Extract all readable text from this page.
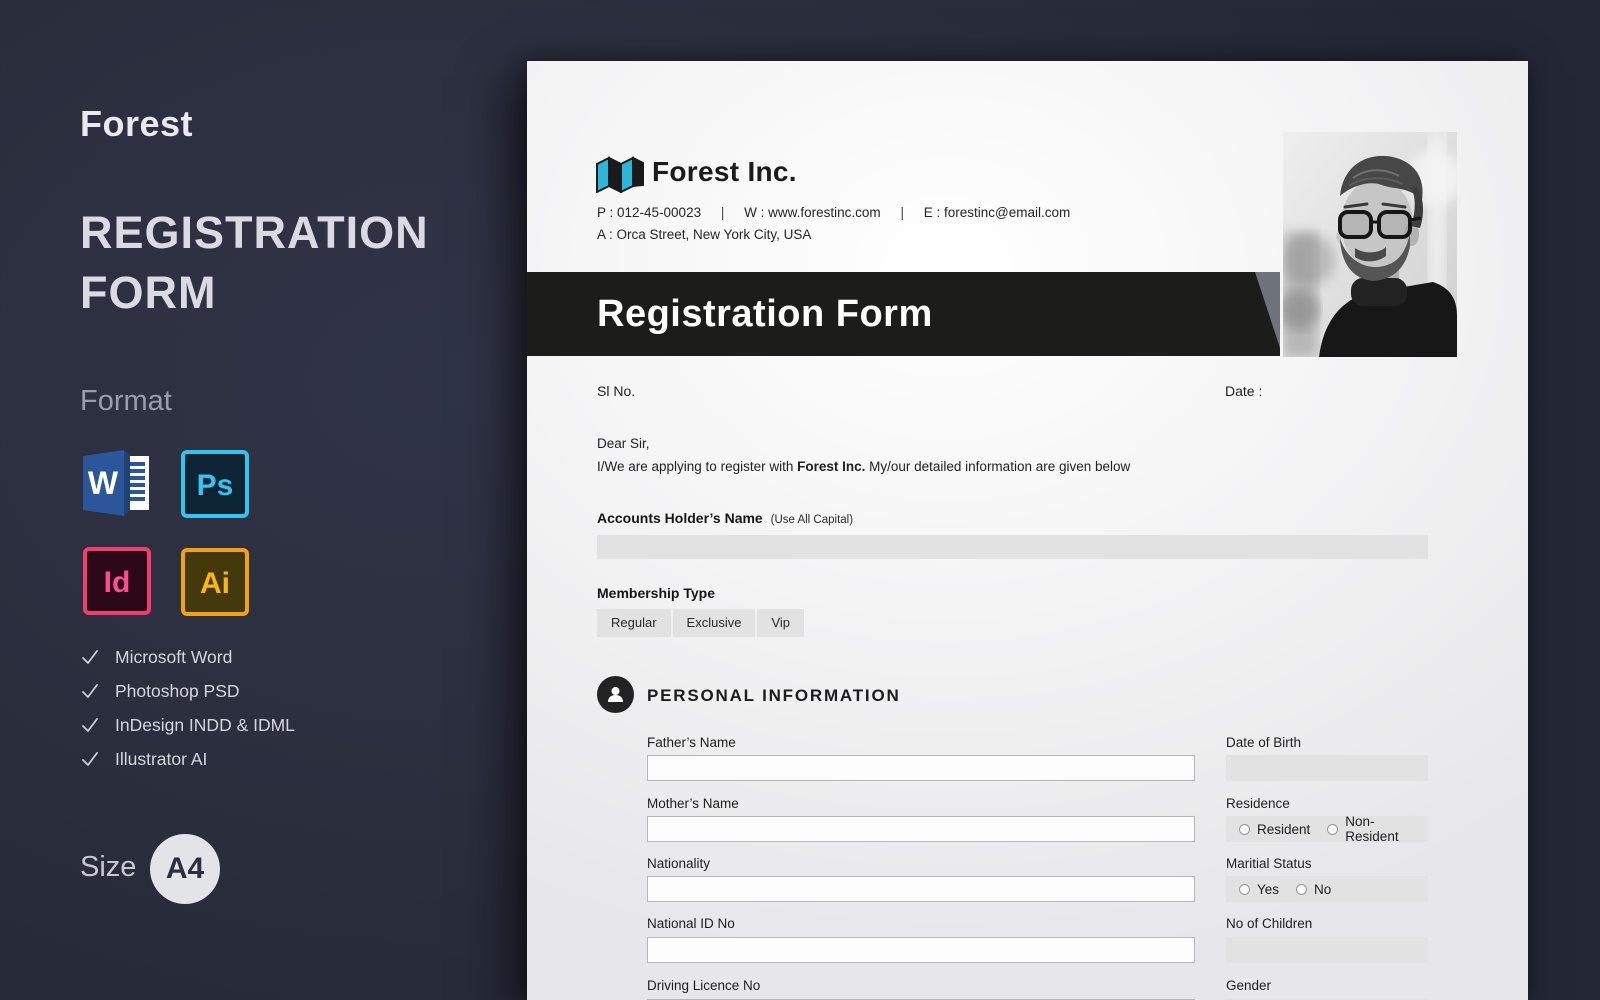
Forest
REGISTRATION
FORM
Format
W	Ps
Id Ai
Microsoft Word
Photoshop PSD
InDesign INDD & IDML
Illustrator AI
Size A4
Forest Inc.
P : 012-45-00023 | W : www.forestinc.com | E : forestinc@email.com
A : Orca Street, New York City, USA
Registration Form
Sl No.	Date :
Dear Sir,
I/We are applying to register with Forest Inc. My/our detailed information are given below
Accounts Holder’s Name (Use All Capital)
Membership Type
Regular	Exclusive	Vip
PERSONAL INFORMATION
Father’s Name
Mother’s Name
Nationality
National ID No
Driving Licence No
Date of Birth
Residence
Resident	Non-Resident
Maritial Status
Yes	No
No of Children
Gender
